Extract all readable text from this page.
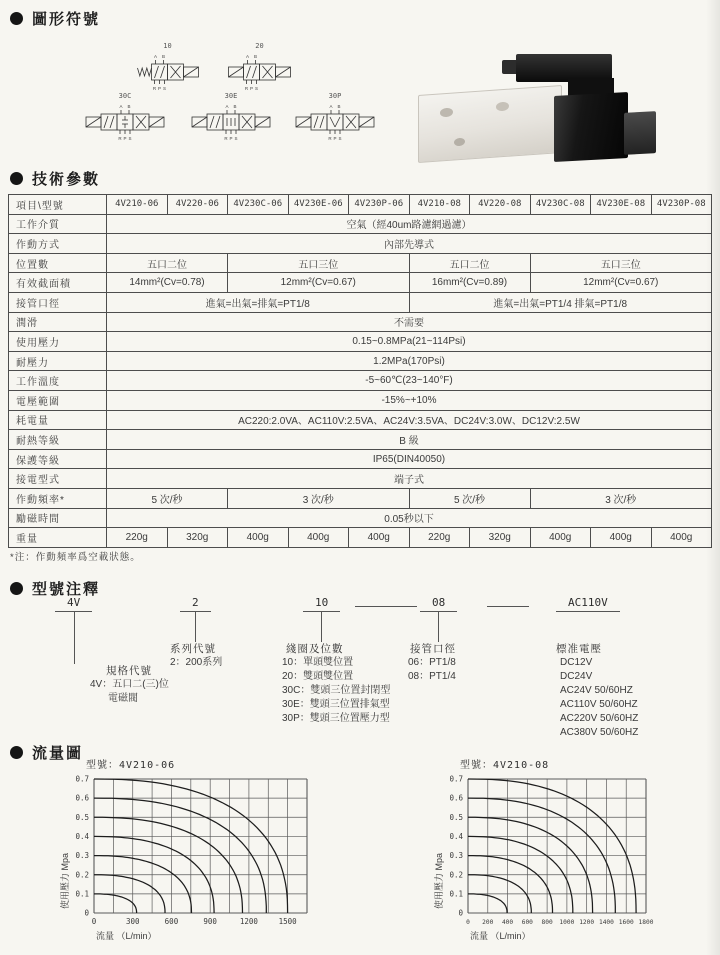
圖形符號
10
A B
R P S
20
A B
R P S
30C
A B
R P S
30E
A B
R P S
30P
A B
R P S
技術參數
項目\型號	4V210-06	4V220-06	4V230C-06	4V230E-06	4V230P-06	4V210-08	4V220-08	4V230C-08	4V230E-08	4V230P-08
工作介質	空氣（經40um路濾網過濾）									
作動方式	內部先導式									
位置數	五口二位		五口三位			五口二位		五口三位		
有效截面積	14mm²(Cv=0.78)		12mm²(Cv=0.67)			16mm²(Cv=0.89)		12mm²(Cv=0.67)		
接管口徑	進氣=出氣=排氣=PT1/8					進氣=出氣=PT1/4 排氣=PT1/8				
潤滑	不需要									
使用壓力	0.15~0.8MPa(21~114Psi)									
耐壓力	1.2MPa(170Psi)									
工作溫度	-5~60℃(23~140°F)									
電壓範圍	-15%~+10%									
耗電量	AC220:2.0VA、AC110V:2.5VA、AC24V:3.5VA、DC24V:3.0W、DC12V:2.5W									
耐熱等級	B 級									
保護等級	IP65(DIN40050)									
接電型式	端子式									
作動頻率*	5 次/秒		3 次/秒			5 次/秒		3 次/秒		
勵磁時間	0.05秒以下									
重量	220g	320g	400g	400g	400g	220g	320g	400g	400g	400g
*注：作動頻率爲空載狀態。
型號注釋
4V
規格代號
4V：五口二(三)位
電磁閥
2
系列代號
2：200系列
10
綫圈及位數
10：單頭雙位置
20：雙頭雙位置
30C：雙頭三位置封閉型
30E：雙頭三位置排氣型
30P：雙頭三位置壓力型
08
接管口徑
06：PT1/8
08：PT1/4
AC110V
標准電壓
DC12V
DC24V
AC24V 50/60HZ
AC110V 50/60HZ
AC220V 50/60HZ
AC380V 50/60HZ
流量圖
型號：4V210-06
0	300	600	900	1200	1500
0
0.1
0.2
0.3
0.4
0.5
0.6
0.7
流量 （L/min）
使用壓力 Mpa
型號：4V210-08
0 200 400 600 800 1000 1200 1400 1600 1800
0
0.1
0.2
0.3
0.4
0.5
0.6
0.7
流量 （L/min）
使用壓力 Mpa
